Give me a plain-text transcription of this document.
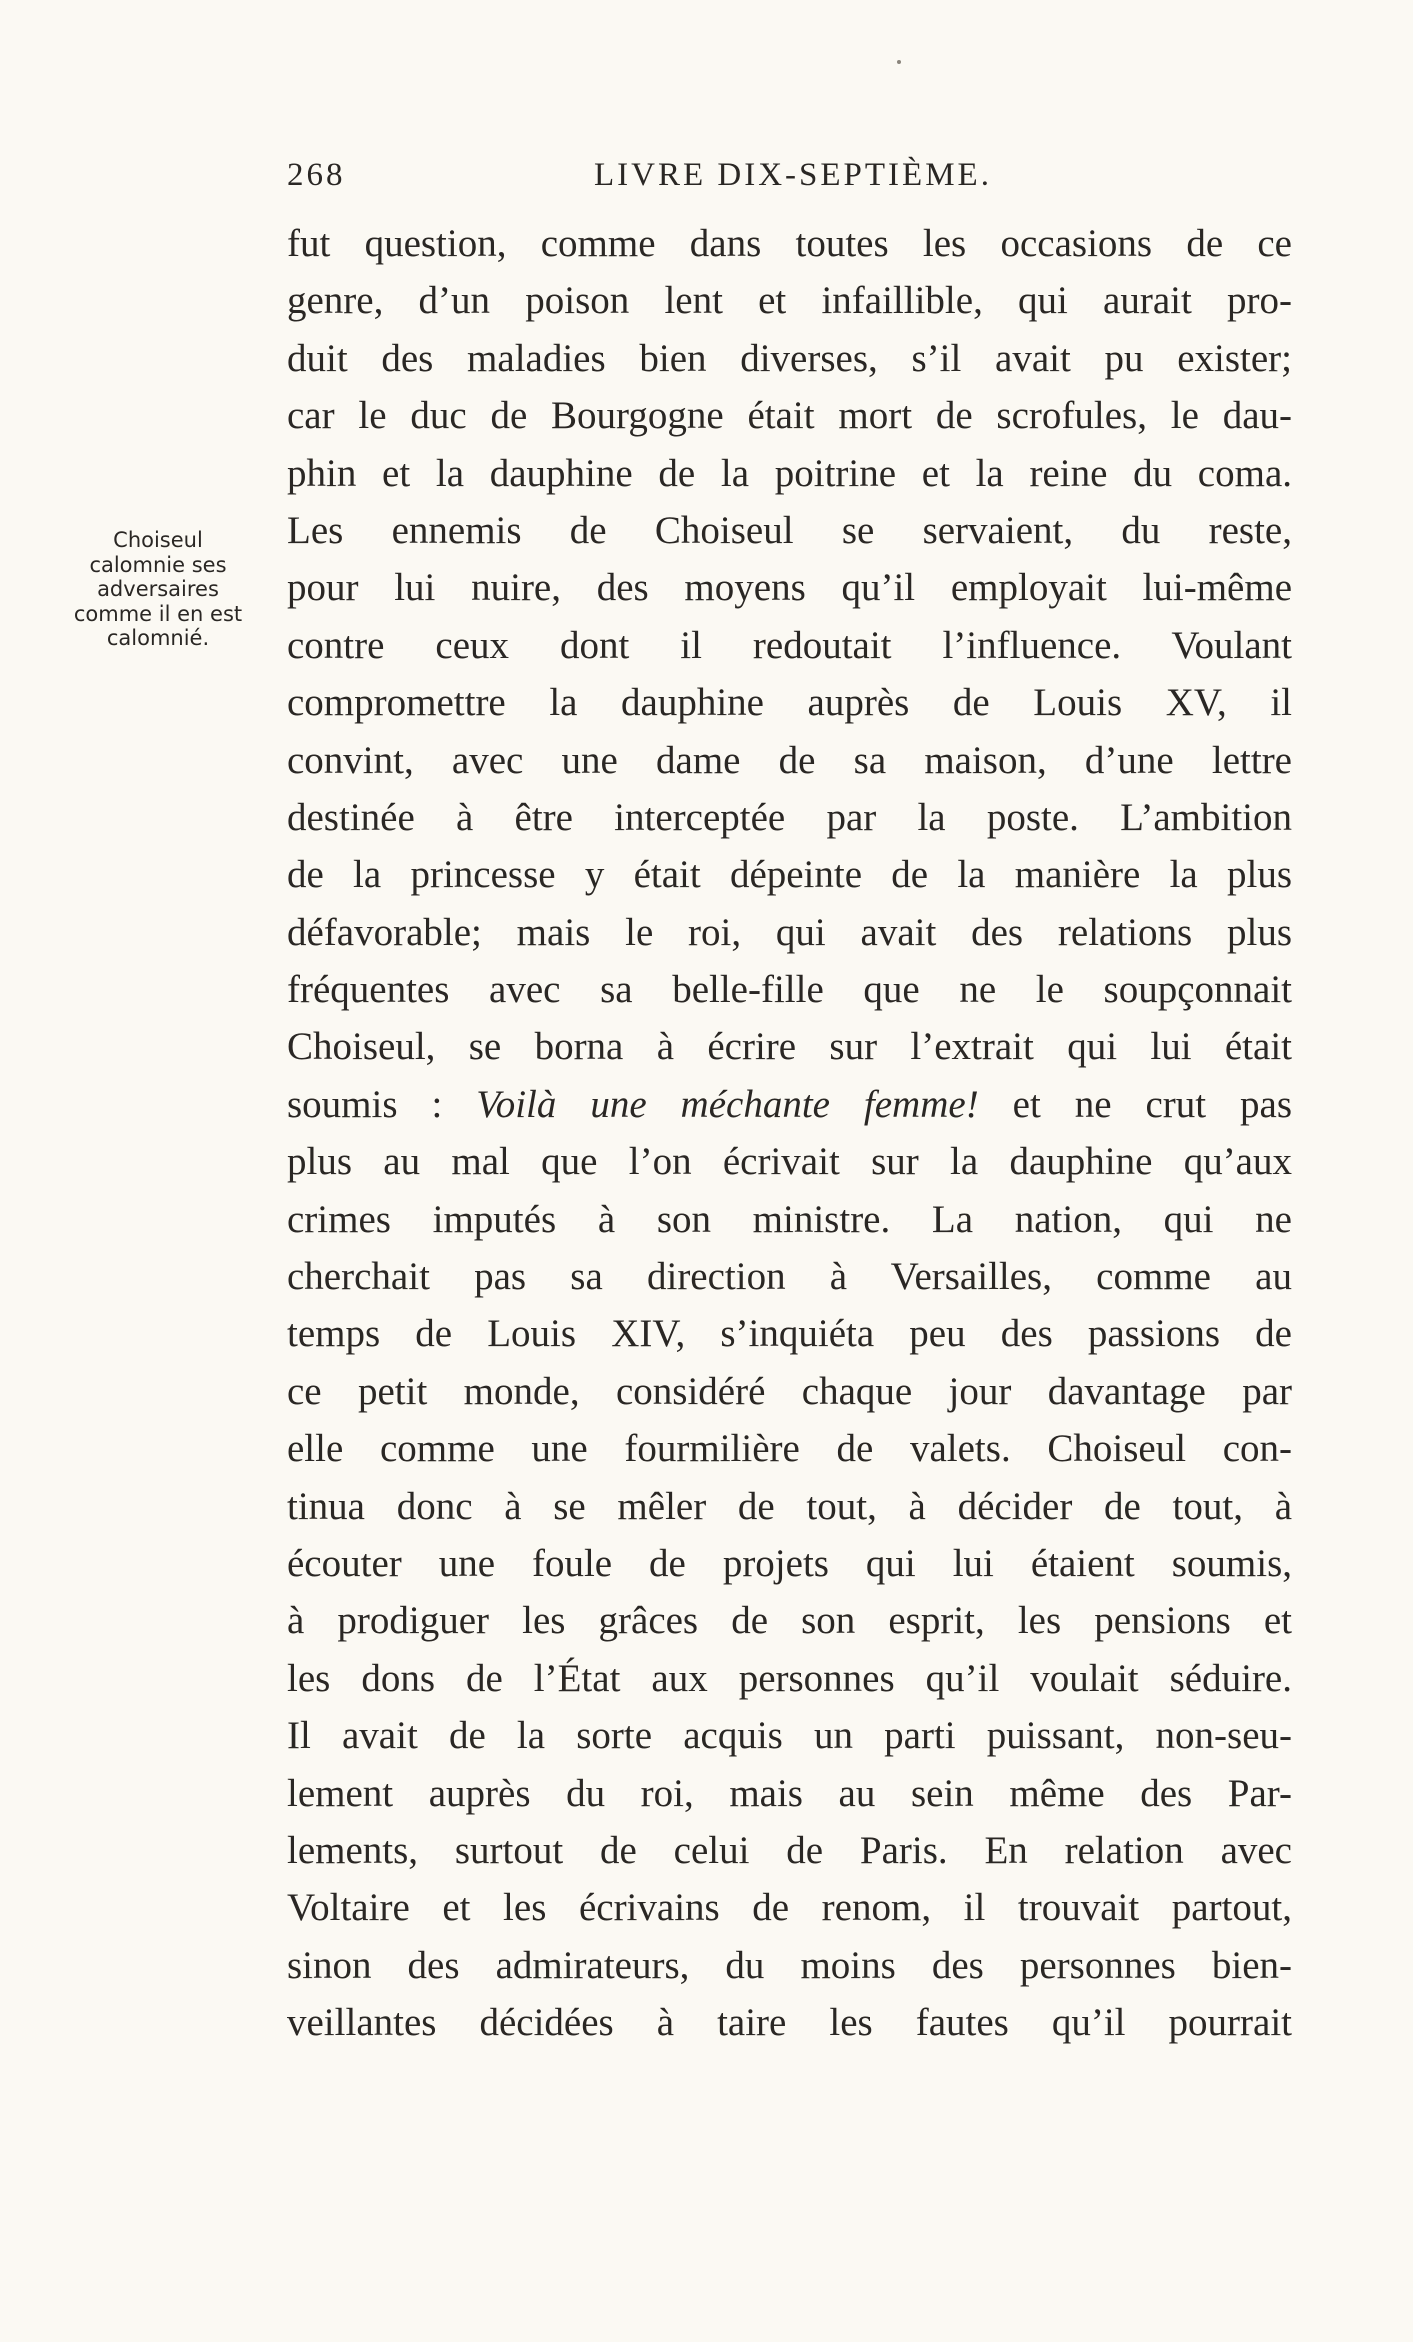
268	LIVRE DIX-SEPTIÈME.
Choiseul
calomnie ses
adversaires
comme il en est
calomnié.
fut question, comme dans toutes les occasions de ce
genre, d’un poison lent et infaillible, qui aurait pro-
duit des maladies bien diverses, s’il avait pu exister;
car le duc de Bourgogne était mort de scrofules, le dau-
phin et la dauphine de la poitrine et la reine du coma.
Les ennemis de Choiseul se servaient, du reste,
pour lui nuire, des moyens qu’il employait lui-même
contre ceux dont il redoutait l’influence. Voulant
compromettre la dauphine auprès de Louis XV, il
convint, avec une dame de sa maison, d’une lettre
destinée à être interceptée par la poste. L’ambition
de la princesse y était dépeinte de la manière la plus
défavorable; mais le roi, qui avait des relations plus
fréquentes avec sa belle-fille que ne le soupçonnait
Choiseul, se borna à écrire sur l’extrait qui lui était
soumis : Voilà une méchante femme! et ne crut pas
plus au mal que l’on écrivait sur la dauphine qu’aux
crimes imputés à son ministre. La nation, qui ne
cherchait pas sa direction à Versailles, comme au
temps de Louis XIV, s’inquiéta peu des passions de
ce petit monde, considéré chaque jour davantage par
elle comme une fourmilière de valets. Choiseul con-
tinua donc à se mêler de tout, à décider de tout, à
écouter une foule de projets qui lui étaient soumis,
à prodiguer les grâces de son esprit, les pensions et
les dons de l’État aux personnes qu’il voulait séduire.
Il avait de la sorte acquis un parti puissant, non-seu-
lement auprès du roi, mais au sein même des Par-
lements, surtout de celui de Paris. En relation avec
Voltaire et les écrivains de renom, il trouvait partout,
sinon des admirateurs, du moins des personnes bien-
veillantes décidées à taire les fautes qu’il pourrait
